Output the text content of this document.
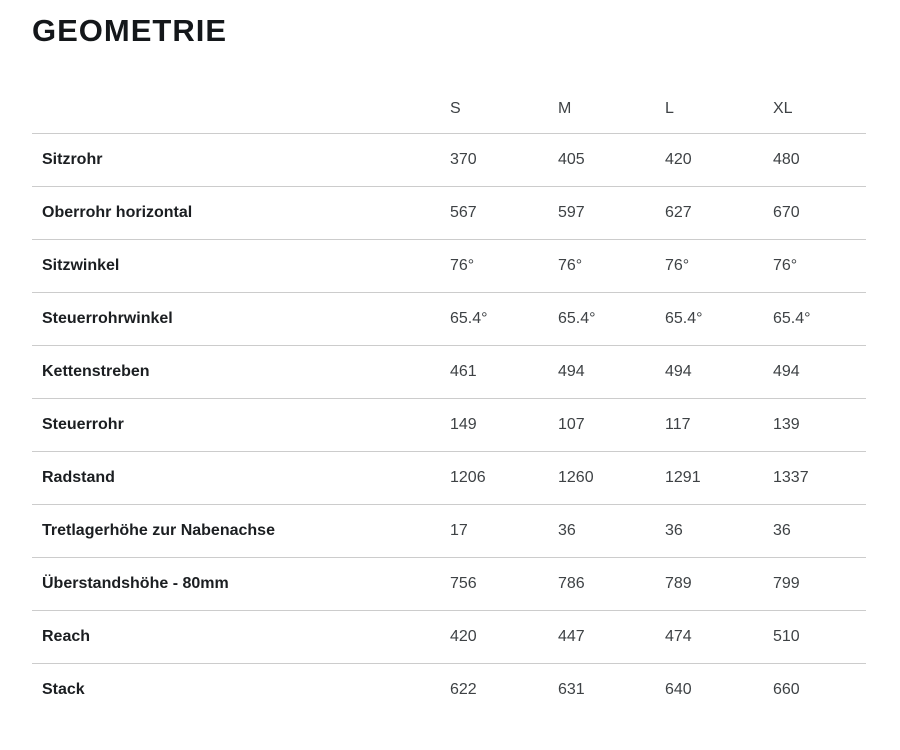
GEOMETRIE
	S	M	L	XL
Sitzrohr	370	405	420	480
Oberrohr horizontal	567	597	627	670
Sitzwinkel	76°	76°	76°	76°
Steuerrohrwinkel	65.4°	65.4°	65.4°	65.4°
Kettenstreben	461	494	494	494
Steuerrohr	149	107	117	139
Radstand	1206	1260	1291	1337
Tretlagerhöhe zur Nabenachse	17	36	36	36
Überstandshöhe - 80mm	756	786	789	799
Reach	420	447	474	510
Stack	622	631	640	660
